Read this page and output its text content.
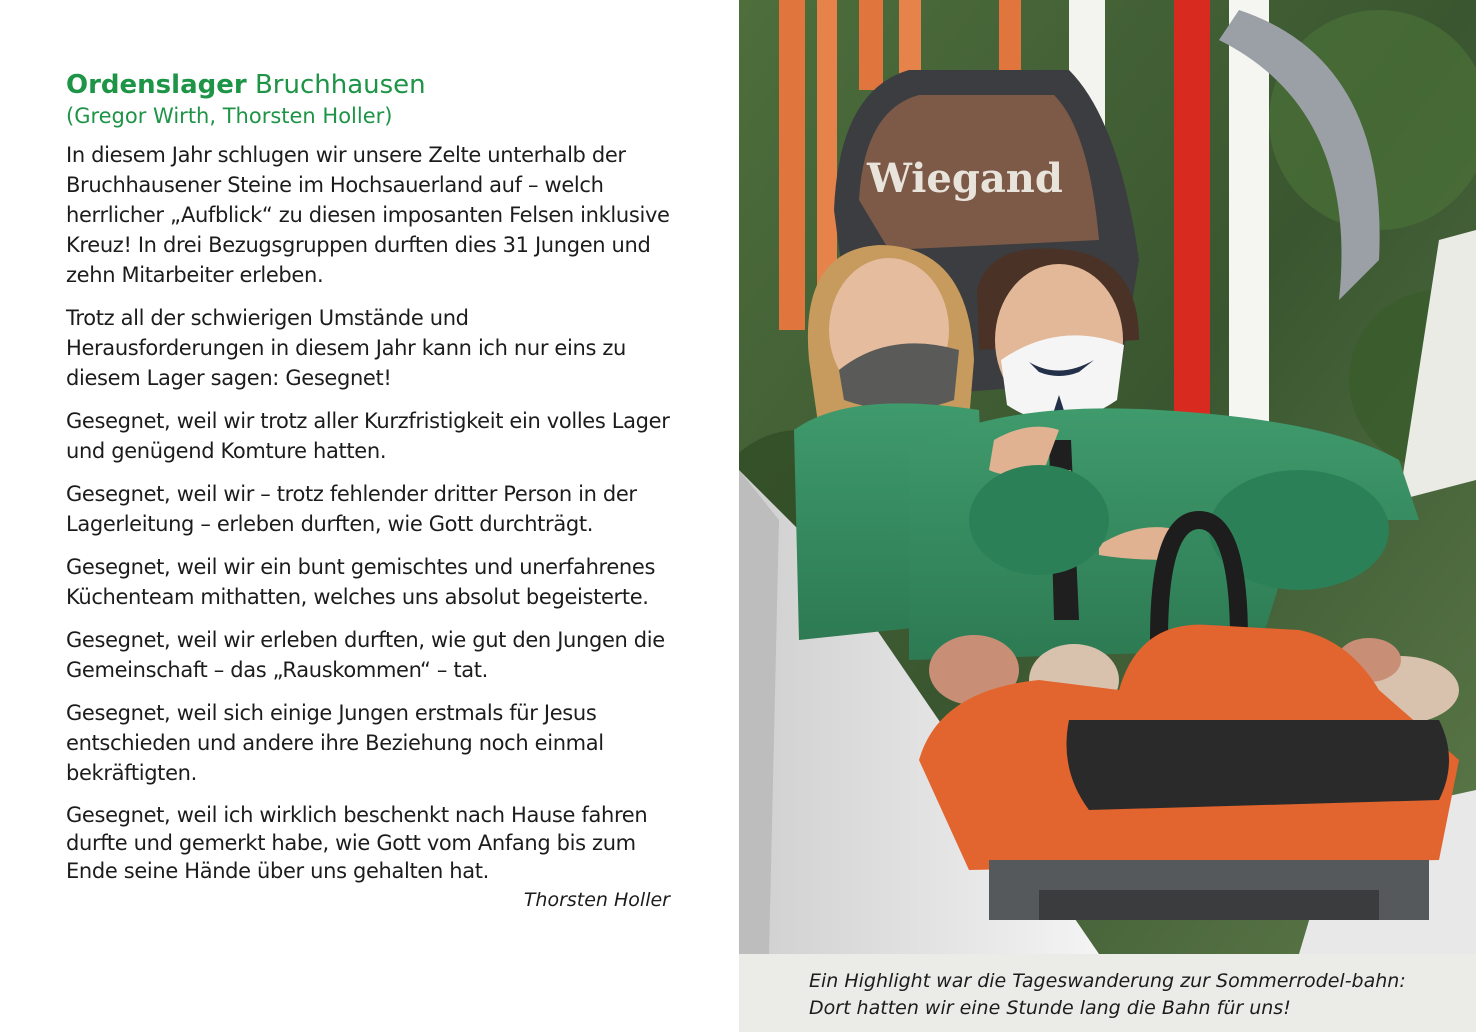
Ordenslager Bruchhausen

(Gregor Wirth, Thorsten Holler)

In diesem Jahr schlugen wir unsere Zelte unterhalb der Bruchhausener Steine im Hochsauerland auf – welch herrlicher „Aufblick“ zu diesen imposanten Felsen inklusive Kreuz! In drei Bezugsgruppen durften dies 31 Jungen und zehn Mitarbeiter erleben.

Trotz all der schwierigen Umstände und Herausforderungen in diesem Jahr kann ich nur eins zu diesem Lager sagen: Gesegnet!

Gesegnet, weil wir trotz aller Kurzfristigkeit ein volles Lager und genügend Komture hatten.

Gesegnet, weil wir – trotz fehlender dritter Person in der Lagerleitung – erleben durften, wie Gott durchträgt.

Gesegnet, weil wir ein bunt gemischtes und unerfahrenes Küchenteam mithatten, welches uns absolut begeisterte.

Gesegnet, weil wir erleben durften, wie gut den Jungen die Gemeinschaft – das „Rauskommen“ – tat.

Gesegnet, weil sich einige Jungen erstmals für Jesus entschieden und andere ihre Beziehung noch einmal bekräftigten.

Gesegnet, weil ich wirklich beschenkt nach Hause fahren durfte und gemerkt habe, wie Gott vom Anfang bis zum Ende seine Hände über uns gehalten hat.

Thorsten Holler

Wiegand

Ein Highlight war die Tageswanderung zur Sommerrodel-bahn: Dort hatten wir eine Stunde lang die Bahn für uns!
